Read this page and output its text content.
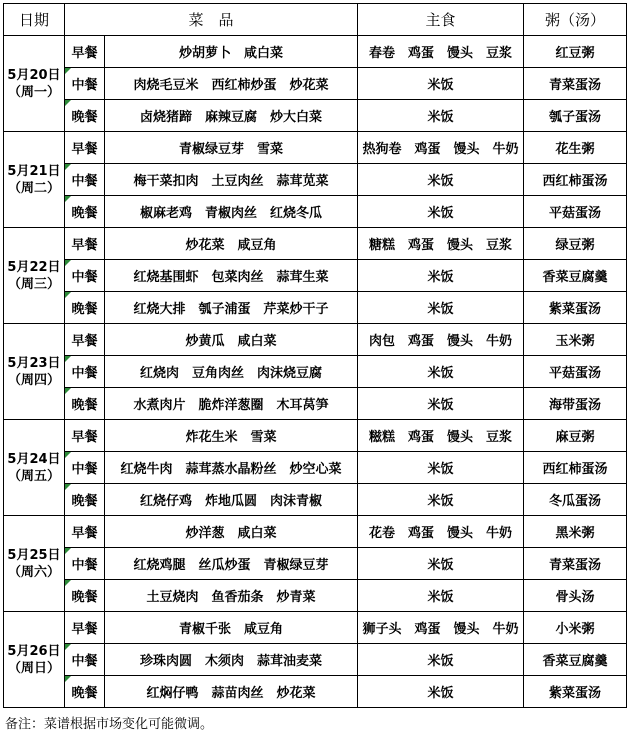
日期	菜　品		主食	粥（汤）

5月20日
（周一）	早餐	炒胡萝卜　咸白菜	春卷　鸡蛋　馒头　豆浆	红豆粥
	中餐	肉烧毛豆米　西红柿炒蛋　炒花菜	米饭	青菜蛋汤
	晚餐	卤烧猪蹄　麻辣豆腐　炒大白菜	米饭	瓠子蛋汤

5月21日
（周二）	早餐	青椒绿豆芽　雪菜	热狗卷　鸡蛋　馒头　牛奶	花生粥
	中餐	梅干菜扣肉　土豆肉丝　蒜茸苋菜	米饭	西红柿蛋汤
	晚餐	椒麻老鸡　青椒肉丝　红烧冬瓜	米饭	平菇蛋汤

5月22日
（周三）	早餐	炒花菜　咸豆角	糖糕　鸡蛋　馒头　豆浆	绿豆粥
	中餐	红烧基围虾　包菜肉丝　蒜茸生菜	米饭	香菜豆腐羹
	晚餐	红烧大排　瓠子浦蛋　芹菜炒干子	米饭	紫菜蛋汤

5月23日
（周四）	早餐	炒黄瓜　咸白菜	肉包　鸡蛋　馒头　牛奶	玉米粥
	中餐	红烧肉　豆角肉丝　肉沫烧豆腐	米饭	平菇蛋汤
	晚餐	水煮肉片　脆炸洋葱圈　木耳莴笋	米饭	海带蛋汤

5月24日
（周五）	早餐	炸花生米　雪菜	糍糕　鸡蛋　馒头　豆浆	麻豆粥
	中餐	红烧牛肉　蒜茸蒸水晶粉丝　炒空心菜	米饭	西红柿蛋汤
	晚餐	红烧仔鸡　炸地瓜圆　肉沫青椒	米饭	冬瓜蛋汤

5月25日
（周六）	早餐	炒洋葱　咸白菜	花卷　鸡蛋　馒头　牛奶	黑米粥
	中餐	红烧鸡腿　丝瓜炒蛋　青椒绿豆芽	米饭	青菜蛋汤
	晚餐	土豆烧肉　鱼香茄条　炒青菜	米饭	骨头汤

5月26日
（周日）	早餐	青椒千张　咸豆角	狮子头　鸡蛋　馒头　牛奶	小米粥
	中餐	珍珠肉圆　木须肉　蒜茸油麦菜	米饭	香菜豆腐羹
	晚餐	红焖仔鸭　蒜苗肉丝　炒花菜	米饭	紫菜蛋汤
备注：菜谱根据市场变化可能微调。
